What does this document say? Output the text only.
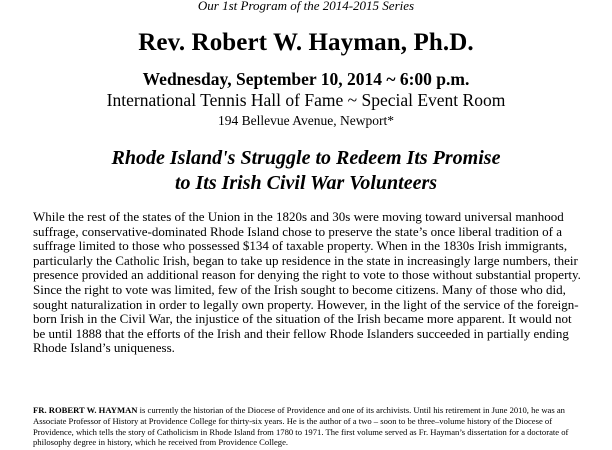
Our 1st Program of the 2014-2015 Series
Rev. Robert W. Hayman, Ph.D.
Wednesday, September 10, 2014 ~ 6:00 p.m.
International Tennis Hall of Fame ~ Special Event Room
194 Bellevue Avenue, Newport*
Rhode Island's Struggle to Redeem Its Promise
to Its Irish Civil War Volunteers

While the rest of the states of the Union in the 1820s and 30s were moving toward universal manhood suffrage, conservative-dominated Rhode Island chose to preserve the state’s once liberal tradition of a suffrage limited to those who possessed $134 of taxable property. When in the 1830s Irish immigrants, particularly the Catholic Irish, began to take up residence in the state in increasingly large numbers, their presence provided an additional reason for denying the right to vote to those without substantial property. Since the right to vote was limited, few of the Irish sought to become citizens. Many of those who did, sought naturalization in order to legally own property. However, in the light of the service of the foreign-born Irish in the Civil War, the injustice of the situation of the Irish became more apparent. It would not be until 1888 that the efforts of the Irish and their fellow Rhode Islanders succeeded in partially ending Rhode Island’s uniqueness.

FR. ROBERT W. HAYMAN is currently the historian of the Diocese of Providence and one of its archivists. Until his retirement in June 2010, he was an Associate Professor of History at Providence College for thirty-six years. He is the author of a two – soon to be three–volume history of the Diocese of Providence, which tells the story of Catholicism in Rhode Island from 1780 to 1971. The first volume served as Fr. Hayman’s dissertation for a doctorate of philosophy degree in history, which he received from Providence College.
